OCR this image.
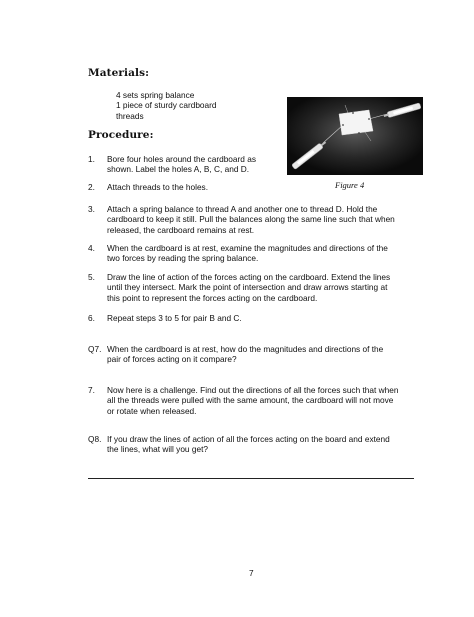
Materials:
4 sets spring balance
1 piece of sturdy cardboard
threads
Procedure:
Figure 4
1.	Bore four holes around the cardboard as
shown. Label the holes A, B, C, and D.
2.	Attach threads to the holes.
3.	Attach a spring balance to thread A and another one to thread D. Hold the
cardboard to keep it still. Pull the balances along the same line such that when
released, the cardboard remains at rest.
4.	When the cardboard is at rest, examine the magnitudes and directions of the
two forces by reading the spring balance.
5.	Draw the line of action of the forces acting on the cardboard. Extend the lines
until they intersect. Mark the point of intersection and draw arrows starting at
this point to represent the forces acting on the cardboard.
6.	Repeat steps 3 to 5 for pair B and C.
Q7. When the cardboard is at rest, how do the magnitudes and directions of the
pair of forces acting on it compare?
7.	Now here is a challenge. Find out the directions of all the forces such that when
all the threads were pulled with the same amount, the cardboard will not move
or rotate when released.
Q8. If you draw the lines of action of all the forces acting on the board and extend
the lines, what will you get?
7
